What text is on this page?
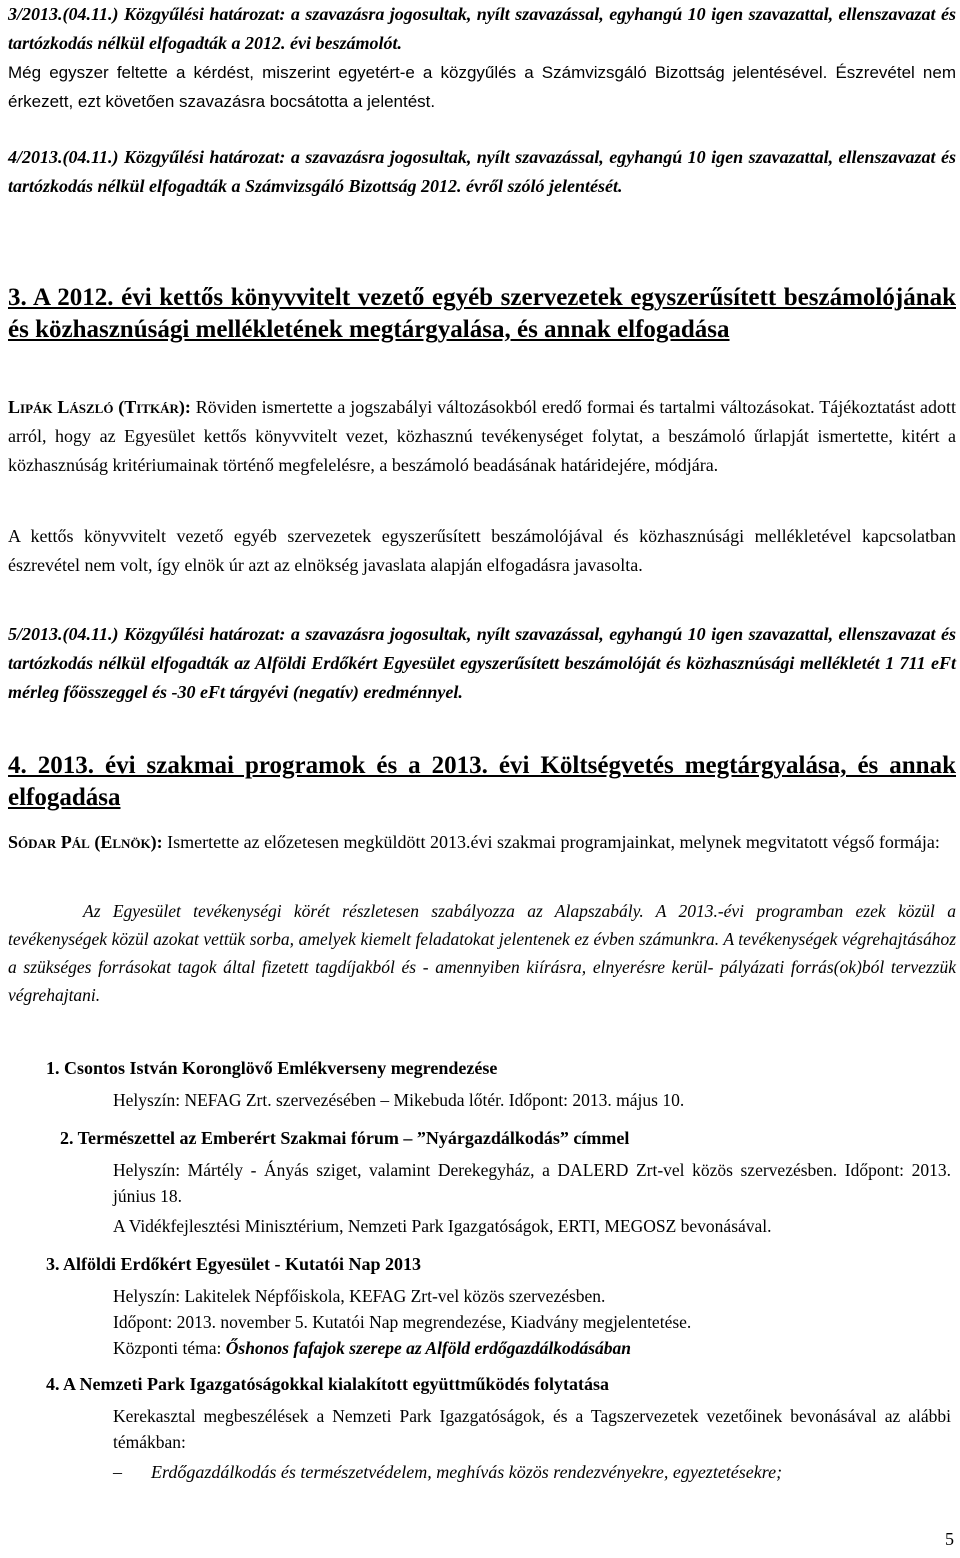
3/2013.(04.11.) Közgyűlési határozat: a szavazásra jogosultak, nyílt szavazással, egyhangú 10 igen szavazattal, ellenszavazat és tartózkodás nélkül elfogadták a 2012. évi beszámolót.

Még egyszer feltette a kérdést, miszerint egyetért-e a közgyűlés a Számvizsgáló Bizottság jelentésével. Észrevétel nem érkezett, ezt követően szavazásra bocsátotta a jelentést.

4/2013.(04.11.) Közgyűlési határozat: a szavazásra jogosultak, nyílt szavazással, egyhangú 10 igen szavazattal, ellenszavazat és tartózkodás nélkül elfogadták a Számvizsgáló Bizottság 2012. évről szóló jelentését.

3. A 2012. évi kettős könyvvitelt vezető egyéb szervezetek egyszerűsített beszámolójának és közhasznúsági mellékletének megtárgyalása, és annak elfogadása

Lipák László (Titkár): Röviden ismertette a jogszabályi változásokból eredő formai és tartalmi változásokat. Tájékoztatást adott arról, hogy az Egyesület kettős könyvvitelt vezet, közhasznú tevékenységet folytat, a beszámoló űrlapját ismertette, kitért a közhasznúság kritériumainak történő megfelelésre, a beszámoló beadásának határidejére, módjára.

A kettős könyvvitelt vezető egyéb szervezetek egyszerűsített beszámolójával és közhasznúsági mellékletével kapcsolatban észrevétel nem volt, így elnök úr azt az elnökség javaslata alapján elfogadásra javasolta.

5/2013.(04.11.) Közgyűlési határozat: a szavazásra jogosultak, nyílt szavazással, egyhangú 10 igen szavazattal, ellenszavazat és tartózkodás nélkül elfogadták az Alföldi Erdőkért Egyesület egyszerűsített beszámolóját és közhasznúsági mellékletét 1 711 eFt mérleg főösszeggel és -30 eFt tárgyévi (negatív) eredménnyel.

4. 2013. évi szakmai programok és a 2013. évi Költségvetés megtárgyalása, és annak elfogadása

Sódar Pál (Elnök): Ismertette az előzetesen megküldött 2013.évi szakmai programjainkat, melynek megvitatott végső formája:

Az Egyesület tevékenységi körét részletesen szabályozza az Alapszabály. A 2013.-évi programban ezek közül a tevékenységek közül azokat vettük sorba, amelyek kiemelt feladatokat jelentenek ez évben számunkra. A tevékenységek végrehajtásához a szükséges forrásokat tagok által fizetett tagdíjakból és - amennyiben kiírásra, elnyerésre kerül- pályázati forrás(ok)ból tervezzük végrehajtani.

1. Csontos István Koronglövő Emlékverseny megrendezése
Helyszín: NEFAG Zrt. szervezésében – Mikebuda lőtér. Időpont: 2013. május 10.
2. Természettel az Emberért Szakmai fórum – ”Nyárgazdálkodás” címmel
Helyszín: Mártély - Ányás sziget, valamint Derekegyház, a DALERD Zrt-vel közös szervezésben. Időpont: 2013. június 18.
A Vidékfejlesztési Minisztérium, Nemzeti Park Igazgatóságok, ERTI, MEGOSZ bevonásával.
3. Alföldi Erdőkért Egyesület - Kutatói Nap 2013
Helyszín: Lakitelek Népfőiskola, KEFAG Zrt-vel közös szervezésben.
Időpont: 2013. november 5. Kutatói Nap megrendezése, Kiadvány megjelentetése.
Központi téma: Őshonos fafajok szerepe az Alföld erdőgazdálkodásában
4. A Nemzeti Park Igazgatóságokkal kialakított együttműködés folytatása
Kerekasztal megbeszélések a Nemzeti Park Igazgatóságok, és a Tagszervezetek vezetőinek bevonásával az alábbi témákban:
–	Erdőgazdálkodás és természetvédelem, meghívás közös rendezvényekre, egyeztetésekre;
5
